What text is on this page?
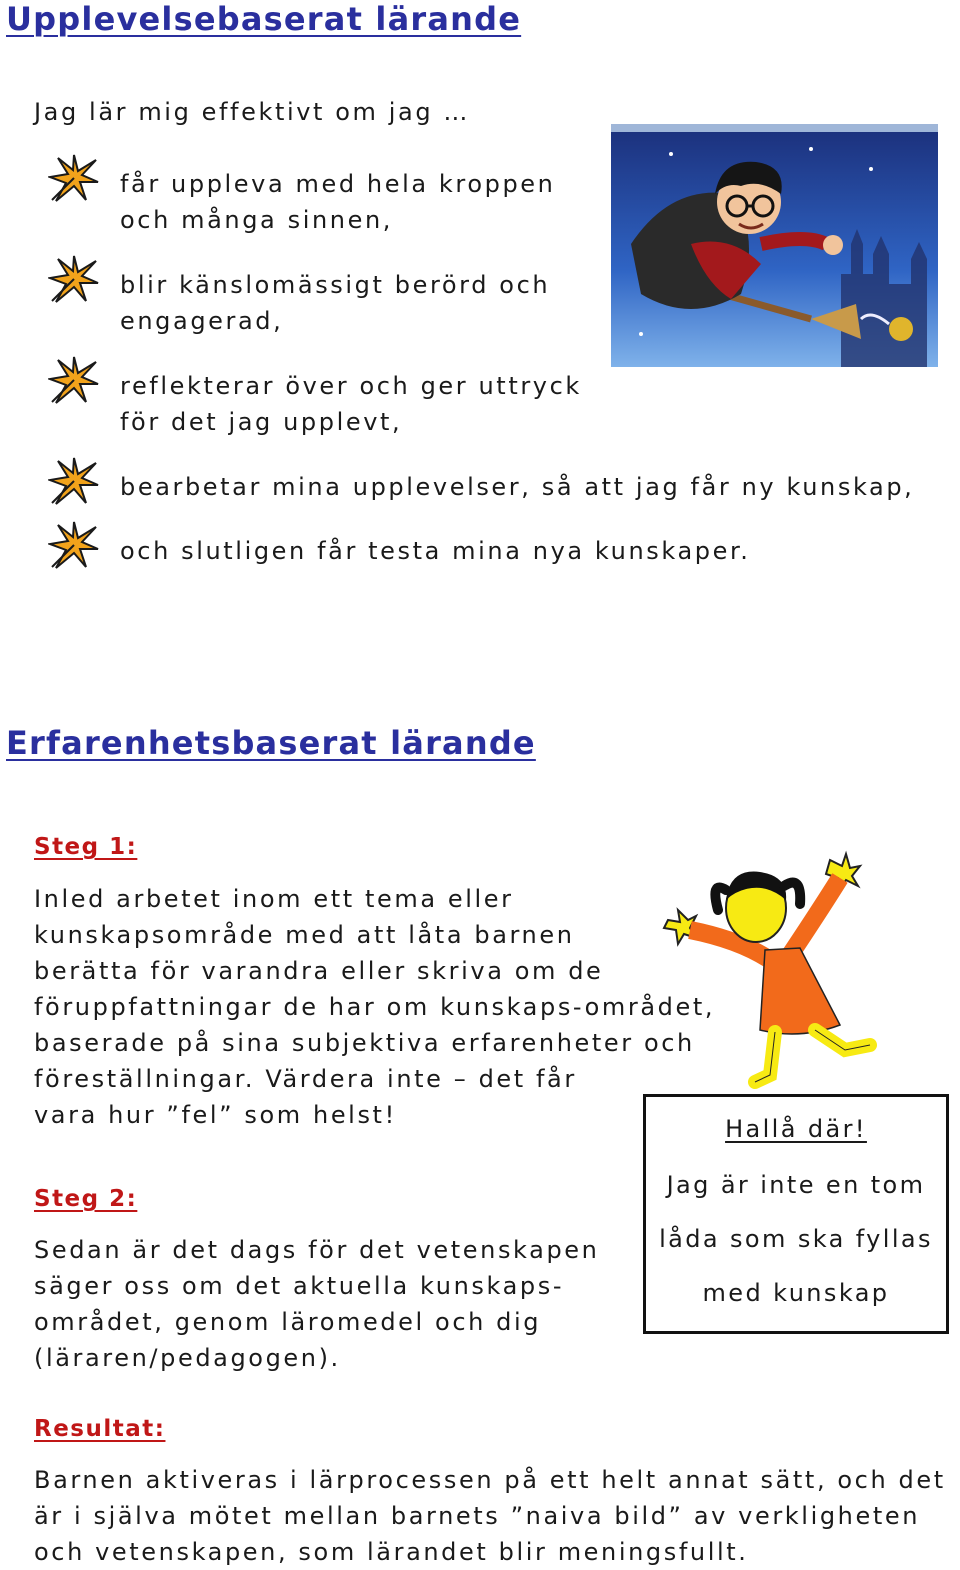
Upplevelsebaserat lärande
Jag lär mig effektivt om jag …
får uppleva med hela kroppen
och många sinnen,
blir känslomässigt berörd och
engagerad,
reflekterar över och ger uttryck
för det jag upplevt,
bearbetar mina upplevelser, så att jag får ny kunskap,
och slutligen får testa mina nya kunskaper.
Erfarenhetsbaserat lärande
Steg 1:
Inled arbetet inom ett tema eller
kunskapsområde med att låta barnen
berätta för varandra eller skriva om de
föruppfattningar de har om kunskaps-området,
baserade på sina subjektiva erfarenheter och
föreställningar. Värdera inte – det får
vara hur ”fel” som helst!	Hallå där!
Jag är inte en tom
låda som ska fyllas
med kunskap
Steg 2:
Sedan är det dags för det vetenskapen
säger oss om det aktuella kunskaps-
området, genom läromedel och dig
(läraren/pedagogen).
Resultat:
Barnen aktiveras i lärprocessen på ett helt annat sätt, och det
är i själva mötet mellan barnets ”naiva bild” av verkligheten
och vetenskapen, som lärandet blir meningsfullt.
